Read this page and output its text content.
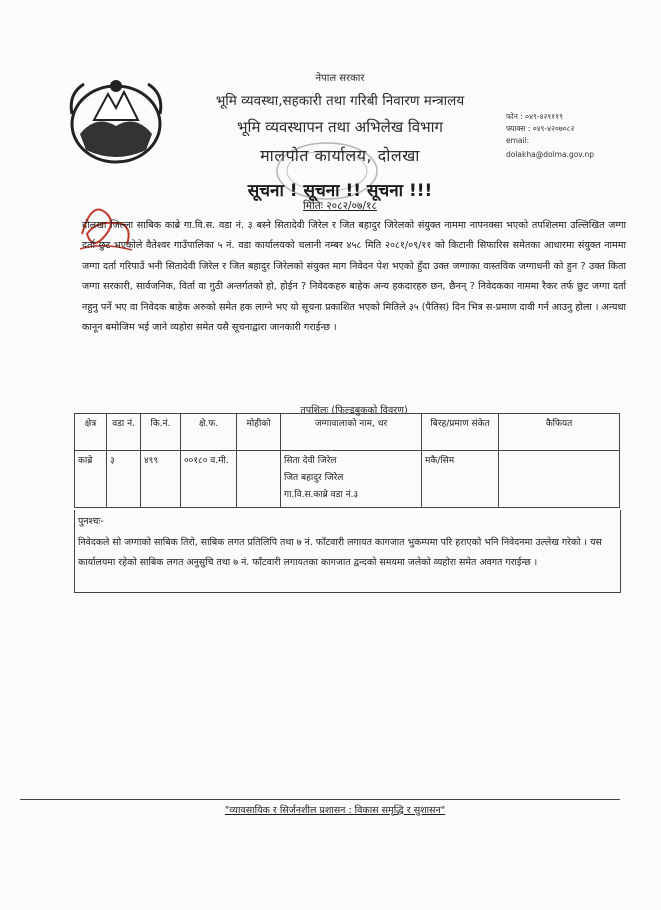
नेपाल सरकार
भूमि व्यवस्था,सहकारी तथा गरिबी निवारण मन्त्रालय
भूमि व्यवस्थापन तथा अभिलेख विभाग
मालपोत कार्यालय, दोलखा
फोन : ०४९-४२१११९
फ्याक्स : ०४९-४२०७०८२
email:
dolakha@dolma.gov.np
सूचना ! सूचना !! सूचना !!!
मितिः २०८२/०७/१८
दोलखा जिल्ला साबिक काब्रे गा.वि.स. वडा नं. ३ बस्ने सितादेवी जिरेल र जित बहादुर जिरेलको संयुक्त नाममा नापनक्सा भएको तपशिलमा उल्लिखित जग्गा दर्ता छुट भएकोले वैतेश्वर गाउँपालिका ५ नं. वडा कार्यालयको चलानी नम्बर ४५८ मिति २०८१/०९/११ को किटानी सिफारिस समेतका आधारमा संयुक्त नाममा जग्गा दर्ता गरिपाउँ भनी सितादेवी जिरेल र जित बहादुर जिरेलको संयुक्त माग निवेदन पेश भएको हुँदा उक्त जग्गाका वास्तविक जग्गाधनी को हुन ? उक्त किता जग्गा सरकारी, सार्वजनिक, विर्ता वा गुठी अन्तर्गतको हो, होईन ? निवेदकहरु बाहेक अन्य हकदारहरु छन, छैनन् ? निवेदकका नाममा रैकर तर्फ छुट जग्गा दर्ता नहुनु पर्ने भए वा निवेदक बाहेक अरुको समेत हक लाग्ने भए यो सूचना प्रकाशित भएको मितिले ३५ (पैतिस) दिन भित्र स-प्रमाण दावी गर्न आउनु होला । अन्यथा कानून बमोजिम भई जाने व्यहोरा समेत यसै सूचनाद्वारा जानकारी गराईन्छ ।
तपशिलः (फिल्डबुकको विवरण)
क्षेत्र	वडा नं.	कि.नं.	क्षे.फ.	मोहीको	जग्गावालाको नाम, थर	बिरह/प्रमाण संकेत	कैफियत
काब्रे	३	४९९	००१८० व.मी.		सिता देवी जिरेल
जित बहादुर जिरेल
गा.वि.स.काब्रे वडा नं.३	मकै/सिम	
पुनश्चः-
निवेदकले सो जग्गाको साबिक तिरो, साबिक लगत प्रतिलिपि तथा ७ नं. फाँटवारी लगायत कागजात भुकम्पमा परि हराएको भनि निवेदनमा उल्लेख गरेको । यस कार्यालयमा रहेको साबिक लगत अनुसुचि तथा ७ नं. फाँटवारी लगायतका कागजात द्वन्दको समयमा जलेको व्यहोरा समेत अवगत गराईन्छ ।
"व्यावसायिक र सिर्जनशील प्रशासन : विकास समृद्धि र सुशासन"
